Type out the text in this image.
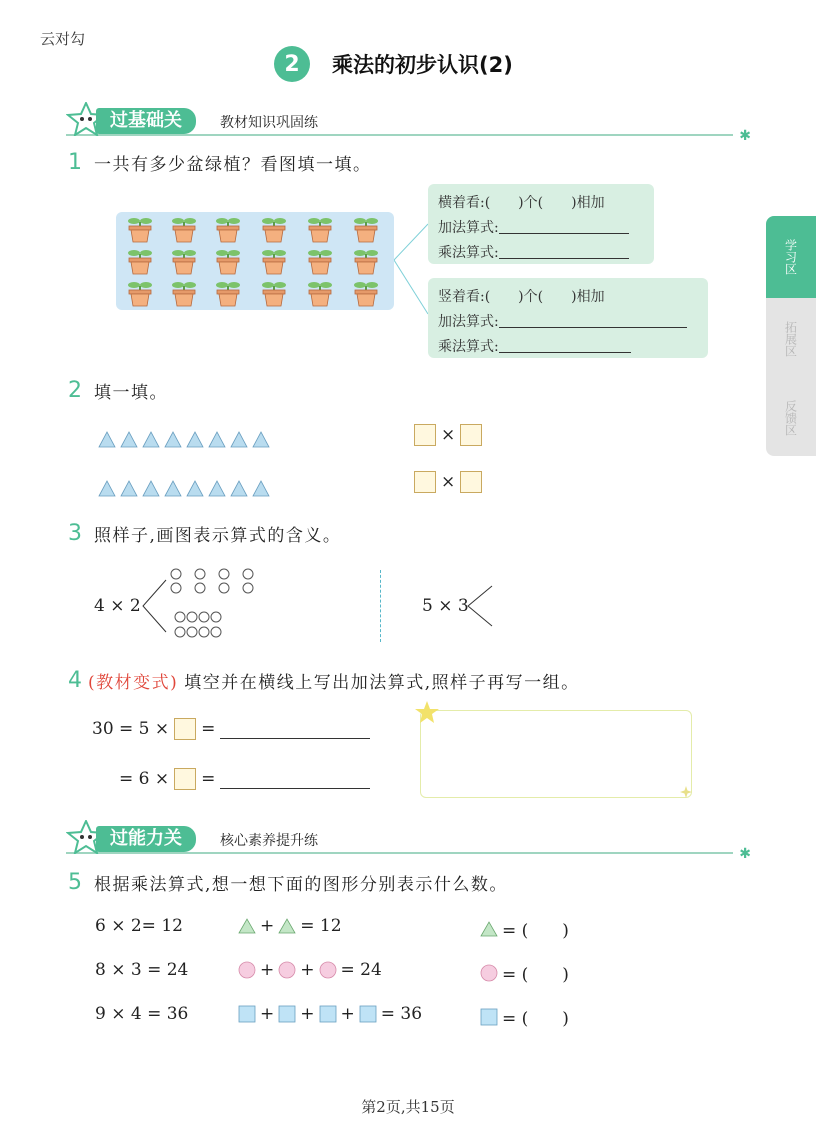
云对勾
2	乘法的初步认识(2)
学习区
拓展区
反馈区
✱
过基础关	教材知识巩固练
1 一共有多少盆绿植？看图填一填。
横着看:(　　)个(　　)相加
加法算式:
乘法算式:
竖着看:(　　)个(　　)相加
加法算式:
乘法算式:
2 填一填。
×
×
3 照样子,画图表示算式的含义。
4 × 2	5 × 3
4 (教材变式) 填空并在横线上写出加法算式,照样子再写一组。
30 = 5 × =
= 6 × =
✱
过能力关	核心素养提升练
5 根据乘法算式,想一想下面的图形分别表示什么数。
6 × 2= 12	+ = 12	= (　　)
8 × 3 = 24	+ + = 24	= (　　)
9 × 4 = 36	+ + + = 36	= (　　)
第2页,共15页
